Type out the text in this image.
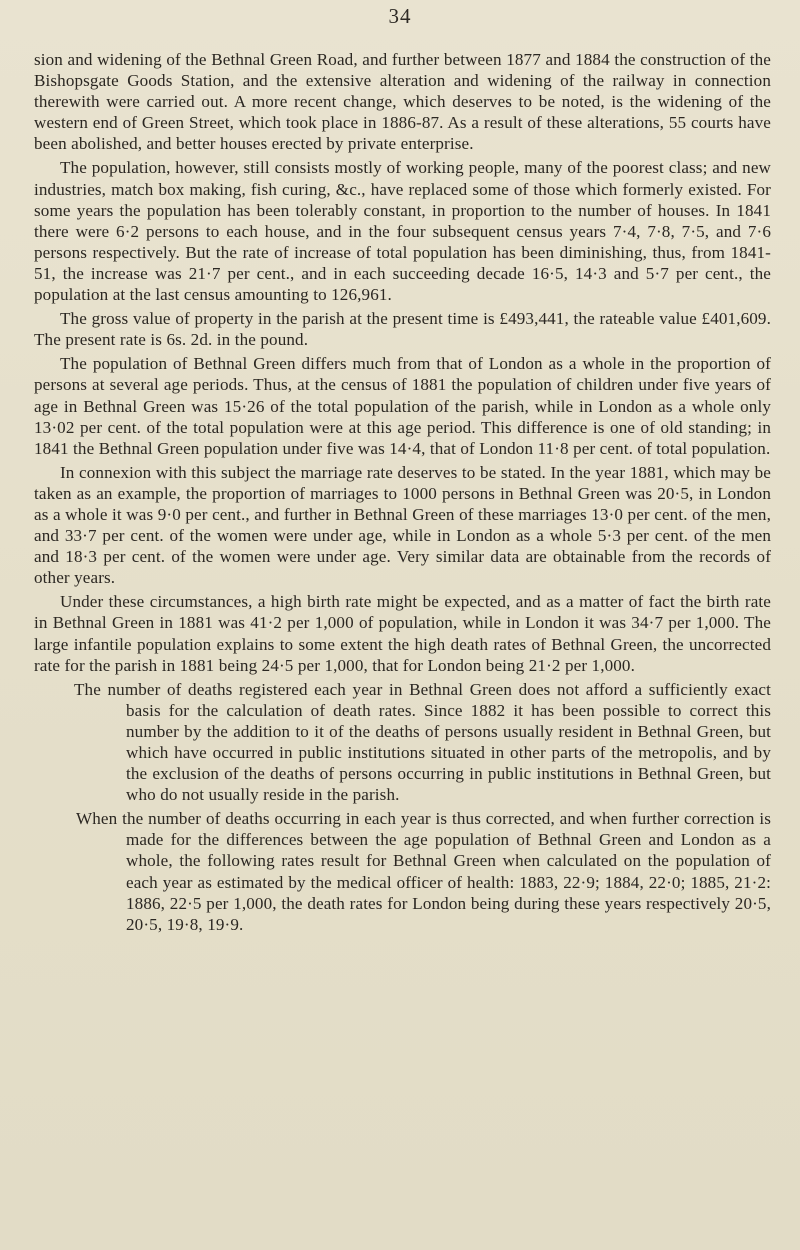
34

sion and widening of the Bethnal Green Road, and further between 1877 and 1884 the construction of the Bishopsgate Goods Station, and the extensive alteration and widening of the railway in connection therewith were carried out. A more recent change, which deserves to be noted, is the widening of the western end of Green Street, which took place in 1886-87. As a result of these alterations, 55 courts have been abolished, and better houses erected by private enterprise.

The population, however, still consists mostly of working people, many of the poorest class; and new industries, match box making, fish curing, &c., have replaced some of those which formerly existed. For some years the population has been tolerably constant, in proportion to the number of houses. In 1841 there were 6·2 persons to each house, and in the four subsequent census years 7·4, 7·8, 7·5, and 7·6 persons respectively. But the rate of increase of total population has been diminishing, thus, from 1841-51, the increase was 21·7 per cent., and in each succeeding decade 16·5, 14·3 and 5·7 per cent., the population at the last census amounting to 126,961.

The gross value of property in the parish at the present time is £493,441, the rateable value £401,609. The present rate is 6s. 2d. in the pound.

The population of Bethnal Green differs much from that of London as a whole in the proportion of persons at several age periods. Thus, at the census of 1881 the population of children under five years of age in Bethnal Green was 15·26 of the total population of the parish, while in London as a whole only 13·02 per cent. of the total population were at this age period. This difference is one of old standing; in 1841 the Bethnal Green population under five was 14·4, that of London 11·8 per cent. of total population.

In connexion with this subject the marriage rate deserves to be stated. In the year 1881, which may be taken as an example, the proportion of marriages to 1000 persons in Bethnal Green was 20·5, in London as a whole it was 9·0 per cent., and further in Bethnal Green of these marriages 13·0 per cent. of the men, and 33·7 per cent. of the women were under age, while in London as a whole 5·3 per cent. of the men and 18·3 per cent. of the women were under age. Very similar data are obtainable from the records of other years.

Under these circumstances, a high birth rate might be expected, and as a matter of fact the birth rate in Bethnal Green in 1881 was 41·2 per 1,000 of population, while in London it was 34·7 per 1,000. The large infantile population explains to some extent the high death rates of Bethnal Green, the uncorrected rate for the parish in 1881 being 24·5 per 1,000, that for London being 21·2 per 1,000.

The number of deaths registered each year in Bethnal Green does not afford a sufficiently exact basis for the calculation of death rates. Since 1882 it has been possible to correct this number by the addition to it of the deaths of persons usually resident in Bethnal Green, but which have occurred in public institutions situated in other parts of the metropolis, and by the exclusion of the deaths of persons occurring in public institutions in Bethnal Green, but who do not usually reside in the parish.

When the number of deaths occurring in each year is thus corrected, and when further correction is made for the differences between the age population of Bethnal Green and London as a whole, the following rates result for Bethnal Green when calculated on the population of each year as estimated by the medical officer of health: 1883, 22·9; 1884, 22·0; 1885, 21·2: 1886, 22·5 per 1,000, the death rates for London being during these years respectively 20·5, 20·5, 19·8, 19·9.
